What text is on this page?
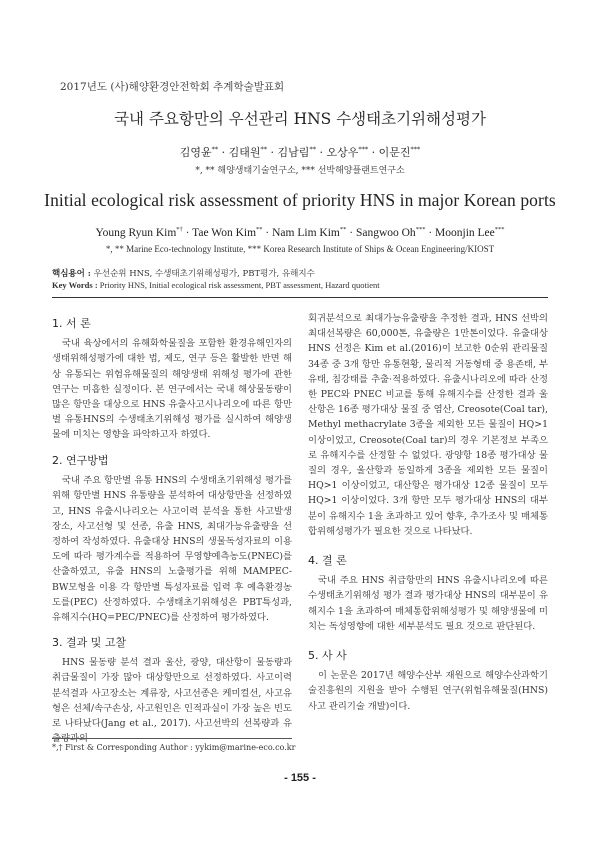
2017년도 (사)해양환경안전학회 추계학술발표회
국내 주요항만의 우선관리 HNS 수생태초기위해성평가
김영윤** · 김태원** · 김남림** · 오상우*** · 이문진***
*, ** 해양생태기술연구소, *** 선박해양플랜트연구소
Initial ecological risk assessment of priority HNS in major Korean ports
Young Ryun Kim*† · Tae Won Kim** · Nam Lim Kim** · Sangwoo Oh*** · Moonjin Lee***
*, ** Marine Eco-technology Institute, *** Korea Research Institute of Ships & Ocean Engineering/KIOST
핵심용어 : 우선순위 HNS, 수생태초기위해성평가, PBT평가, 유해지수
Key Words : Priority HNS, Initial ecological risk assessment, PBT assessment, Hazard quotient
1. 서 론

국내 육상에서의 유해화학물질을 포함한 환경유해인자의 생태위해성평가에 대한 법, 제도, 연구 등은 활발한 반면 해상 유통되는 위험유해물질의 해양생태 위해성 평가에 관한 연구는 미흡한 실정이다. 본 연구에서는 국내 해상물동량이 많은 항만을 대상으로 HNS 유출사고시나리오에 따른 항만별 유통HNS의 수생태초기위해성 평가를 실시하여 해양생물에 미치는 영향을 파악하고자 하였다.

2. 연구방법

국내 주요 항만별 유통 HNS의 수생태초기위해성 평가를 위해 항만별 HNS 유통량을 분석하여 대상항만을 선정하였고, HNS 유출시나리오는 사고이력 분석을 통한 사고발생장소, 사고선형 및 선종, 유출 HNS, 최대가능유출량을 선정하여 작성하였다. 유출대상 HNS의 생물독성자료의 이용도에 따라 평가계수를 적용하여 무영향예측농도(PNEC)를 산출하였고, 유출 HNS의 노출평가를 위해 MAMPEC-BW모형을 이용 각 항만별 특성자료를 입력 후 예측환경농도를(PEC) 산정하였다. 수생태초기위해성은 PBT특성과, 유해지수(HQ=PEC/PNEC)를 산정하여 평가하였다.

3. 결과 및 고찰

HNS 물동량 분석 결과 울산, 광양, 대산항이 물동량과 취급물질이 가장 많아 대상항만으로 선정하였다. 사고이력 분석결과 사고장소는 계류장, 사고선종은 케미컬선, 사고유형은 선체/속구손상, 사고원인은 인적과실이 가장 높은 빈도로 나타났다(Jang et al., 2017). 사고선박의 선복량과 유

회귀분석으로 최대가능유출량을 추정한 결과, HNS 선박의 최대선복량은 60,000톤, 유출량은 1만톤이었다. 유출대상 HNS 선정은 Kim et al.(2016)이 보고한 0순위 관리물질 34종 중 3개 항만 유통현황, 물리적 거동형태 중 용존태, 부유태, 침강태를 추출·적용하였다. 유출시나리오에 따라 산정한 PEC와 PNEC 비교를 통해 유해지수를 산정한 결과 울산항은 16종 평가대상 물질 중 염산, Creosote(Coal tar), Methyl methacrylate 3종을 제외한 모든 물질이 HQ>1이상이었고, Creosote(Coal tar)의 경우 기본정보 부족으로 유해지수를 산정할 수 없었다. 광양항 18종 평가대상 물질의 경우, 울산항과 동일하게 3종을 제외한 모든 물질이 HQ>1 이상이었고, 대산항은 평가대상 12종 물질이 모두 HQ>1 이상이었다. 3개 항만 모두 평가대상 HNS의 대부분이 유해지수 1을 초과하고 있어 향후, 추가조사 및 매체통합위해성평가가 필요한 것으로 나타났다.

4. 결 론

국내 주요 HNS 취급항만의 HNS 유출시나리오에 따른 수생태초기위해성 평가 결과 평가대상 HNS의 대부분이 유해지수 1을 초과하여 매체통합위해성평가 및 해양생물에 미치는 독성영향에 대한 세부분석도 필요 것으로 판단된다.

5. 사 사

이 논문은 2017년 해양수산부 재원으로 해양수산과학기술진흥원의 지원을 받아 수행된 연구(위험유해물질(HNS)사고 관리기술 개발)이다.

*,† First & Corresponding Author : yykim@marine-eco.co.kr
- 155 -
